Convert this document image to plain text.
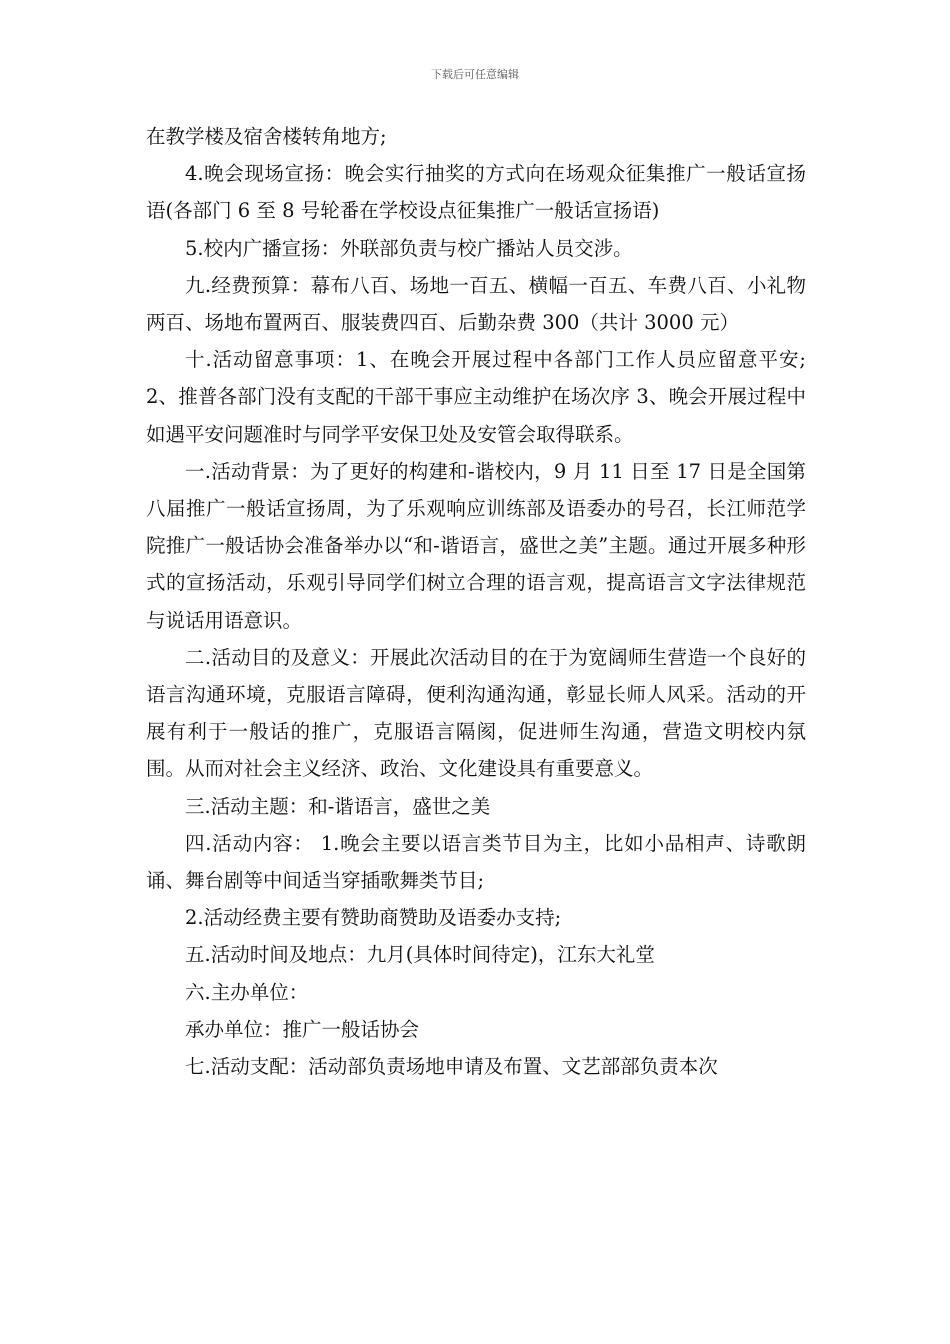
下载后可任意编辑

在教学楼及宿舍楼转角地方;

4.晚会现场宣扬：晚会实行抽奖的方式向在场观众征集推广一般话宣扬语(各部门 6 至 8 号轮番在学校设点征集推广一般话宣扬语)

5.校内广播宣扬：外联部负责与校广播站人员交涉。

九.经费预算：幕布八百、场地一百五、横幅一百五、车费八百、小礼物两百、场地布置两百、服装费四百、后勤杂费 300（共计 3000 元）

十.活动留意事项：1、在晚会开展过程中各部门工作人员应留意平安;2、推普各部门没有支配的干部干事应主动维护在场次序 3、晚会开展过程中如遇平安问题准时与同学平安保卫处及安管会取得联系。

一.活动背景：为了更好的构建和-谐校内，9 月 11 日至 17 日是全国第八届推广一般话宣扬周，为了乐观响应训练部及语委办的号召，长江师范学院推广一般话协会准备举办以“和-谐语言，盛世之美”主题。通过开展多种形式的宣扬活动，乐观引导同学们树立合理的语言观，提高语言文字法律规范与说话用语意识。

二.活动目的及意义：开展此次活动目的在于为宽阔师生营造一个良好的语言沟通环境，克服语言障碍，便利沟通沟通，彰显长师人风采。活动的开展有利于一般话的推广，克服语言隔阂，促进师生沟通，营造文明校内氛围。从而对社会主义经济、政治、文化建设具有重要意义。

三.活动主题：和-谐语言，盛世之美

四.活动内容： 1.晚会主要以语言类节目为主，比如小品相声、诗歌朗诵、舞台剧等中间适当穿插歌舞类节目;

2.活动经费主要有赞助商赞助及语委办支持;

五.活动时间及地点：九月(具体时间待定)，江东大礼堂

六.主办单位：

承办单位：推广一般话协会

七.活动支配：活动部负责场地申请及布置、文艺部部负责本次
